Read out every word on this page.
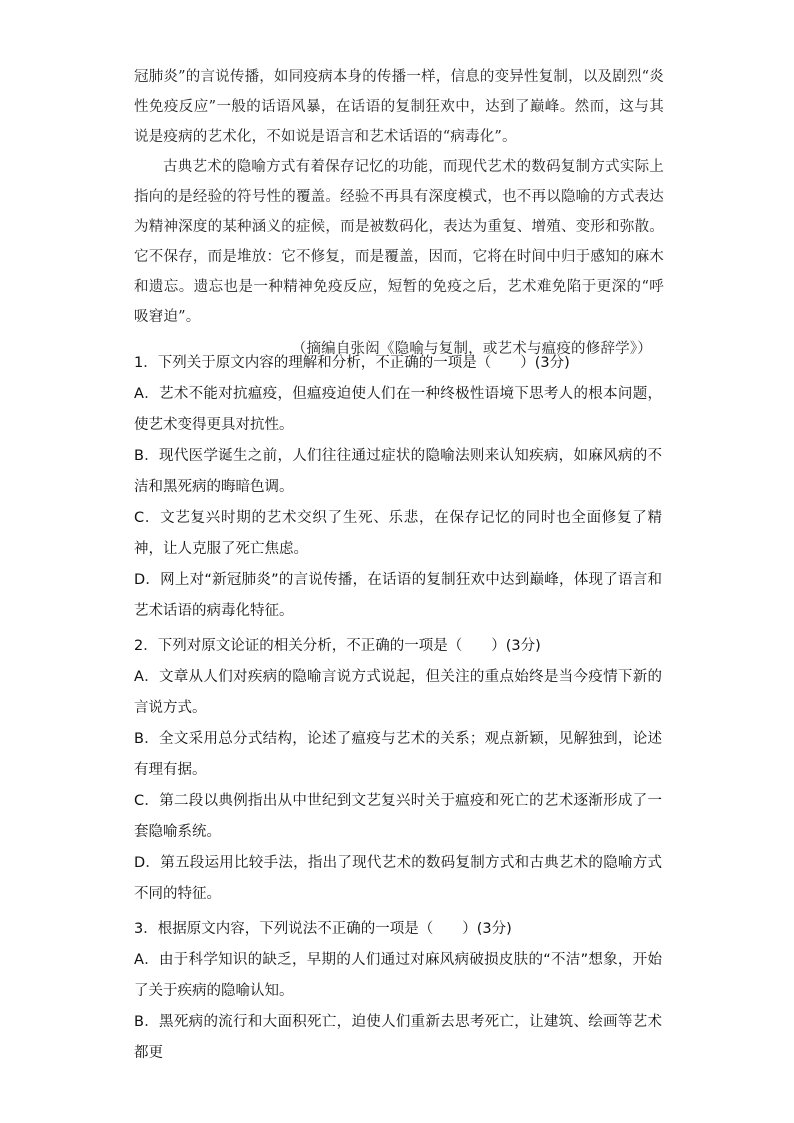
冠肺炎”的言说传播，如同疫病本身的传播一样，信息的变异性复制，以及剧烈“炎性免疫反应”一般的话语风暴，在话语的复制狂欢中，达到了巅峰。然而，这与其说是疫病的艺术化，不如说是语言和艺术话语的“病毒化”。

古典艺术的隐喻方式有着保存记忆的功能，而现代艺术的数码复制方式实际上指向的是经验的符号性的覆盖。经验不再具有深度模式，也不再以隐喻的方式表达为精神深度的某种涵义的症候，而是被数码化，表达为重复、增殖、变形和弥散。它不保存，而是堆放：它不修复，而是覆盖，因而，它将在时间中归于感知的麻木和遗忘。遗忘也是一种精神免疫反应，短暂的免疫之后，艺术难免陷于更深的“呼吸窘迫”。

（摘编自张闳《隐喻与复制，或艺术与瘟疫的修辞学》）

1．下列关于原文内容的理解和分析，不正确的一项是（　　）(3分)

A．艺术不能对抗瘟疫，但瘟疫迫使人们在一种终极性语境下思考人的根本问题，使艺术变得更具对抗性。

B．现代医学诞生之前，人们往往通过症状的隐喻法则来认知疾病，如麻风病的不洁和黑死病的晦暗色调。

C．文艺复兴时期的艺术交织了生死、乐悲，在保存记忆的同时也全面修复了精神，让人克服了死亡焦虑。

D．网上对“新冠肺炎”的言说传播，在话语的复制狂欢中达到巅峰，体现了语言和艺术话语的病毒化特征。

2．下列对原文论证的相关分析，不正确的一项是（　　）(3分)

A．文章从人们对疾病的隐喻言说方式说起，但关注的重点始终是当今疫情下新的言说方式。

B．全文采用总分式结构，论述了瘟疫与艺术的关系；观点新颖，见解独到，论述有理有据。

C．第二段以典例指出从中世纪到文艺复兴时关于瘟疫和死亡的艺术逐渐形成了一套隐喻系统。

D．第五段运用比较手法，指出了现代艺术的数码复制方式和古典艺术的隐喻方式不同的特征。

3．根据原文内容，下列说法不正确的一项是（　　）(3分)

A．由于科学知识的缺乏，早期的人们通过对麻风病破损皮肤的“不洁”想象，开始了关于疾病的隐喻认知。

B．黑死病的流行和大面积死亡，迫使人们重新去思考死亡，让建筑、绘画等艺术都更
